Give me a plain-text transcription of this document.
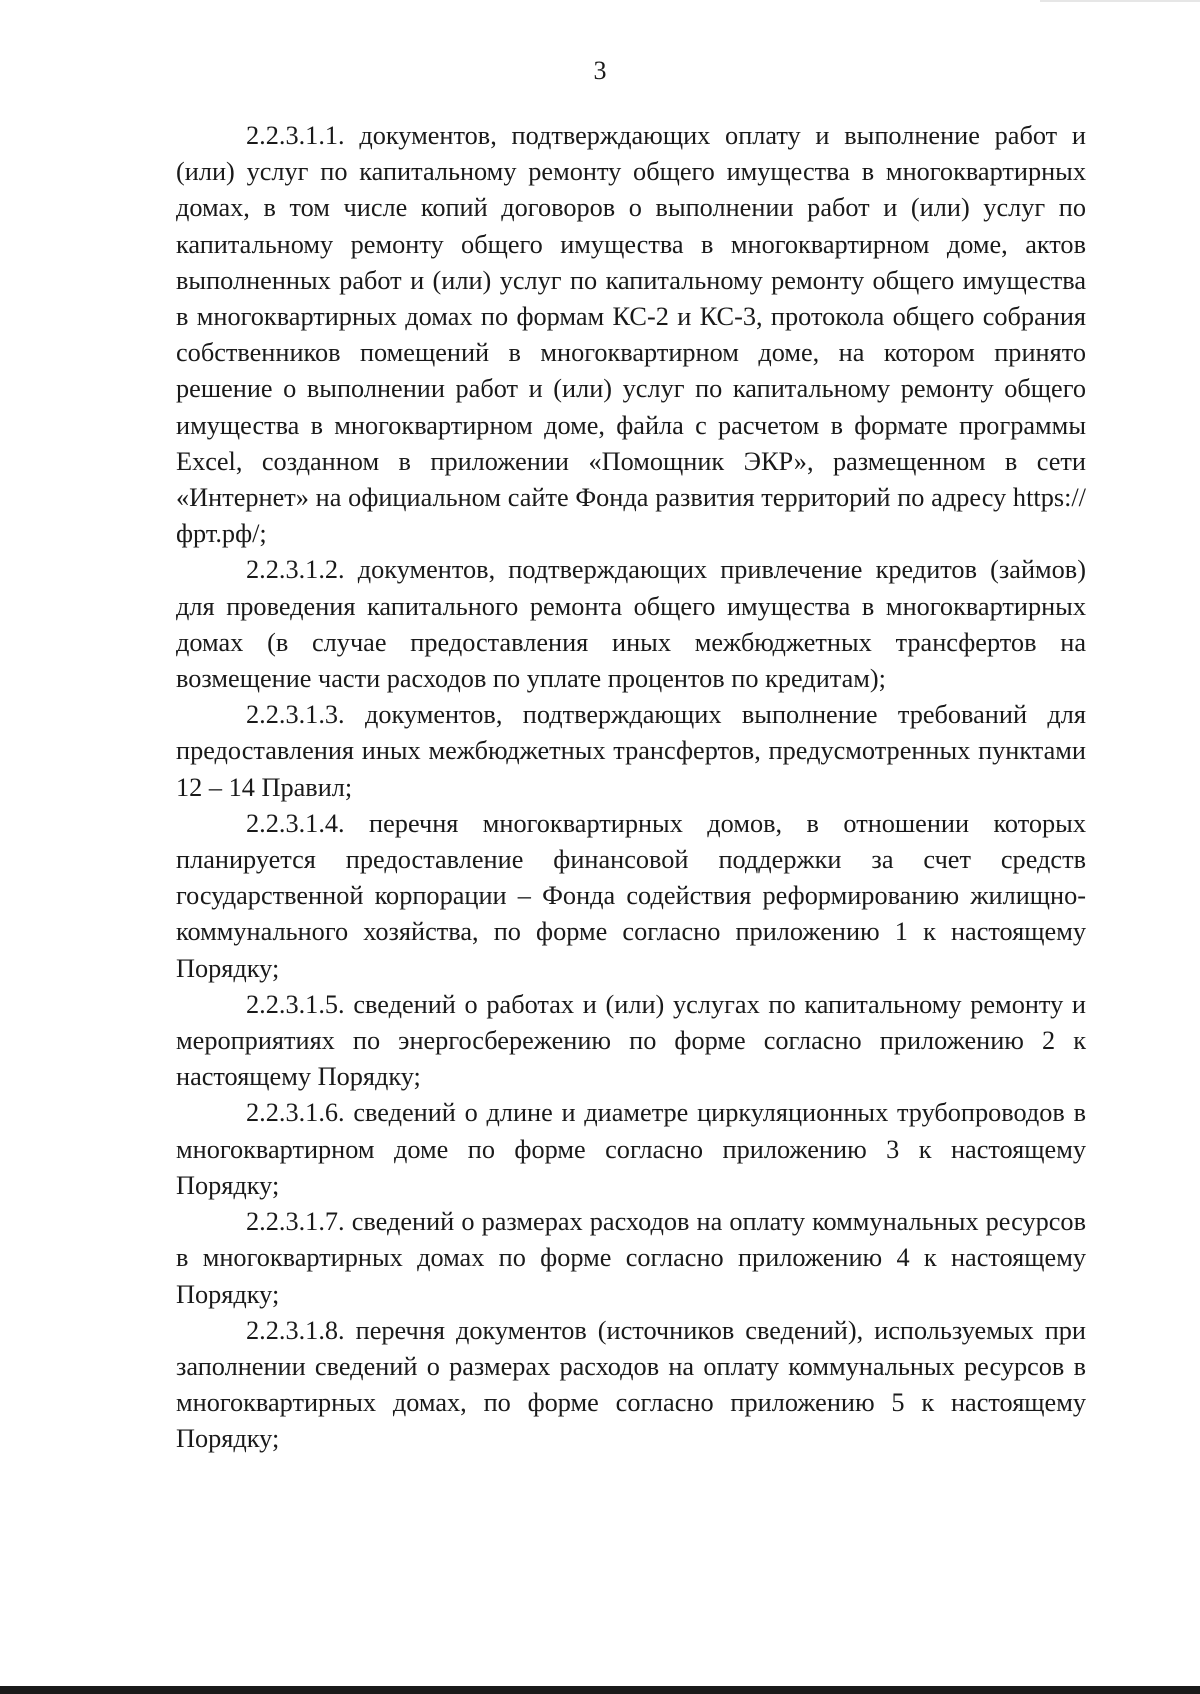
3

2.2.3.1.1. документов, подтверждающих оплату и выполнение работ и (или) услуг по капитальному ремонту общего имущества в многоквартирных домах, в том числе копий договоров о выполнении работ и (или) услуг по капитальному ремонту общего имущества в многоквартирном доме, актов выполненных работ и (или) услуг по капитальному ремонту общего имущества в многоквартирных домах по формам КС-2 и КС-3, протокола общего собрания собственников помещений в многоквартирном доме, на котором принято решение о выполнении работ и (или) услуг по капитальному ремонту общего имущества в многоквартирном доме, файла с расчетом в формате программы Excel, созданном в приложении «Помощник ЭКР», размещенном в сети «Интернет» на официальном сайте Фонда развития территорий по адресу https://фрт.рф/;

2.2.3.1.2. документов, подтверждающих привлечение кредитов (займов) для проведения капитального ремонта общего имущества в многоквартирных домах (в случае предоставления иных межбюджетных трансфертов на возмещение части расходов по уплате процентов по кредитам);

2.2.3.1.3. документов, подтверждающих выполнение требований для предоставления иных межбюджетных трансфертов, предусмотренных пунктами 12 – 14 Правил;

2.2.3.1.4. перечня многоквартирных домов, в отношении которых планируется предоставление финансовой поддержки за счет средств государственной корпорации – Фонда содействия реформированию жилищно-коммунального хозяйства, по форме согласно приложению 1 к настоящему Порядку;

2.2.3.1.5. сведений о работах и (или) услугах по капитальному ремонту и мероприятиях по энергосбережению по форме согласно приложению 2 к настоящему Порядку;

2.2.3.1.6. сведений о длине и диаметре циркуляционных трубопроводов в многоквартирном доме по форме согласно приложению 3 к настоящему Порядку;

2.2.3.1.7. сведений о размерах расходов на оплату коммунальных ресурсов в многоквартирных домах по форме согласно приложению 4 к настоящему Порядку;

2.2.3.1.8. перечня документов (источников сведений), используемых при заполнении сведений о размерах расходов на оплату коммунальных ресурсов в многоквартирных домах, по форме согласно приложению 5 к настоящему Порядку;
